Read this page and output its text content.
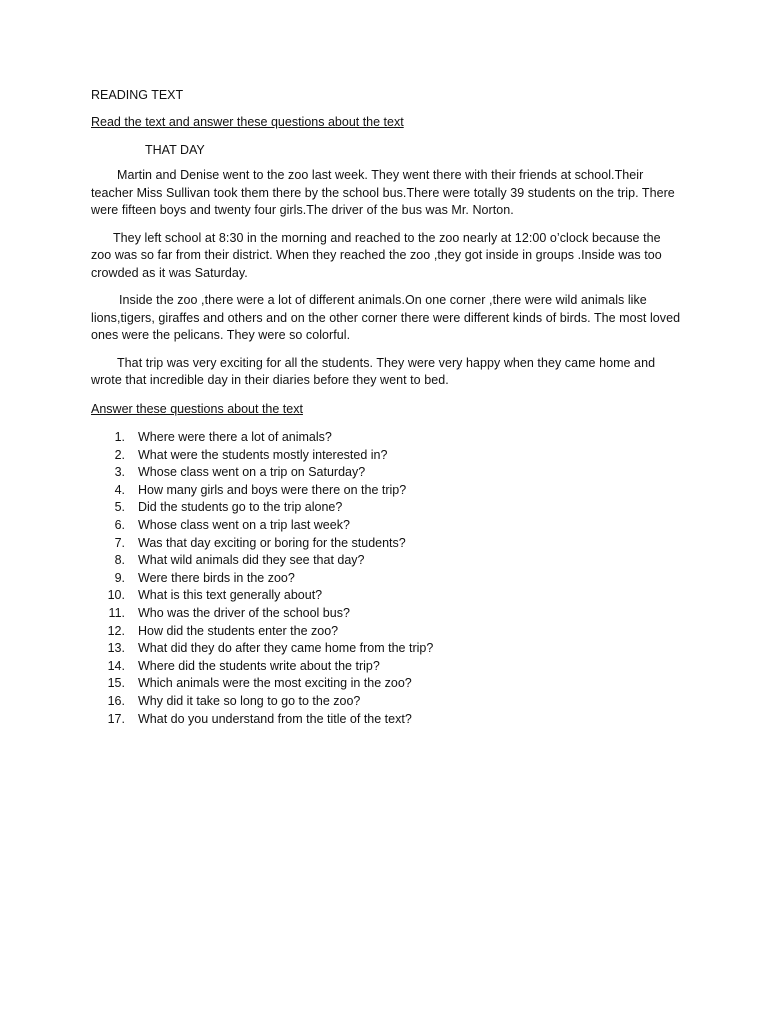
READING TEXT
Read the text and answer these questions about the text
THAT DAY

Martin and Denise went to the zoo last week. They went there with their friends at school.Their teacher Miss Sullivan took them there by the school bus.There were totally 39 students on the trip. There were fifteen boys and twenty four girls.The driver of the bus was Mr. Norton.

They left school at 8:30 in the morning and reached to the zoo nearly at 12:00 o’clock because the zoo was so far from their district. When they reached the zoo ,they got inside in groups .Inside was too crowded as it was Saturday.

Inside the zoo ,there were a lot of different animals.On one corner ,there were wild animals like lions,tigers, giraffes and others and on the other corner there were different kinds of birds. The most loved ones were the pelicans. They were so colorful.

That trip was very exciting for all the students. They were very happy when they came home and wrote that incredible day in their diaries before they went to bed.

Answer these questions about the text
1. Where were there a lot of animals?
2. What were the students mostly interested in?
3. Whose class went on a trip on Saturday?
4. How many girls and boys were there on the trip?
5. Did the students go to the trip alone?
6. Whose class went on a trip last week?
7. Was that day exciting or boring for the students?
8. What wild animals did they see that day?
9. Were there birds in the zoo?
10. What is this text generally about?
11. Who was the driver of the school bus?
12. How did the students enter the zoo?
13. What did they do after they came home from the trip?
14. Where did the students write about the trip?
15. Which animals were the most exciting in the zoo?
16. Why did it take so long to go to the zoo?
17. What do you understand from the title of the text?
